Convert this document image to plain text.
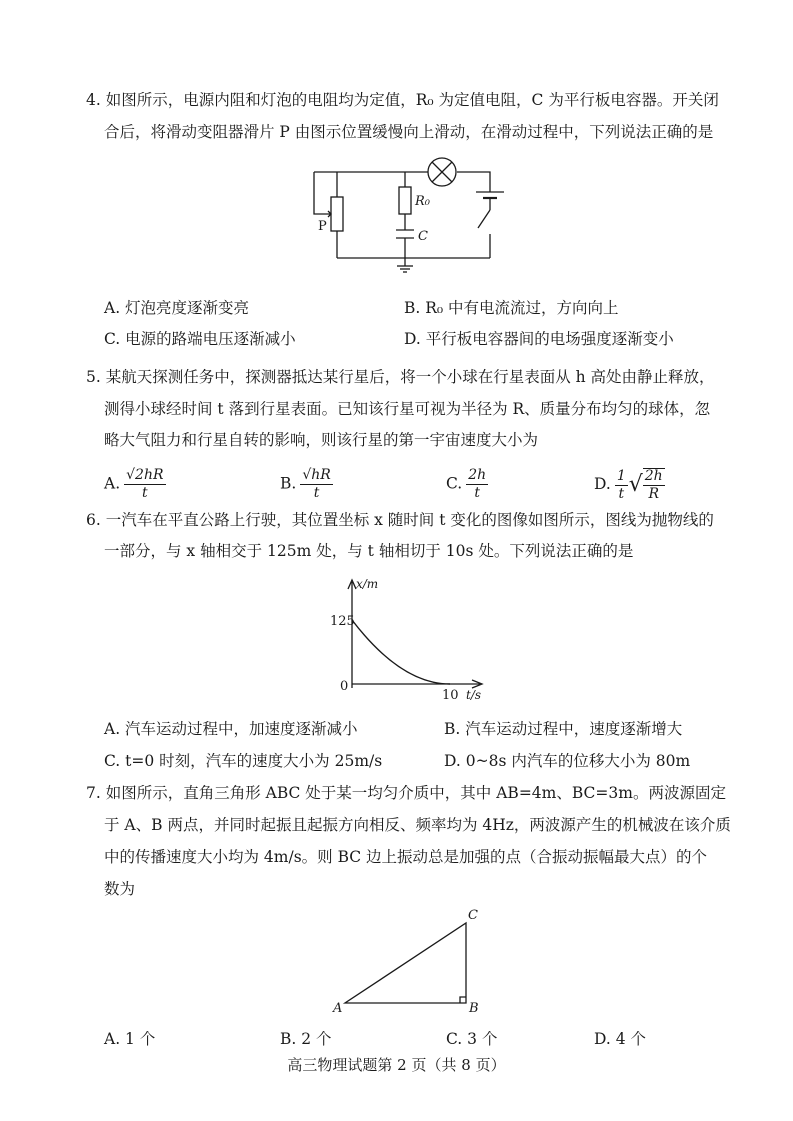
4. 如图所示，电源内阻和灯泡的电阻均为定值，R₀ 为定值电阻，C 为平行板电容器。开关闭
合后，将滑动变阻器滑片 P 由图示位置缓慢向上滑动，在滑动过程中，下列说法正确的是
R₀
C
P
A. 灯泡亮度逐渐变亮	B. R₀ 中有电流流过，方向向上
C. 电源的路端电压逐渐减小	D. 平行板电容器间的电场强度逐渐变小
5. 某航天探测任务中，探测器抵达某行星后，将一个小球在行星表面从 h 高处由静止释放，
测得小球经时间 t 落到行星表面。已知该行星可视为半径为 R、质量分布均匀的球体，忽
略大气阻力和行星自转的影响，则该行星的第一宇宙速度大小为
A. $\frac{√2hR}{t}$	B. $\frac{√hR}{t}$	C. $\frac{2h}{t}$	D. $\frac{1}{t}$ √ $\frac{2h}{R}$
6. 一汽车在平直公路上行驶，其位置坐标 x 随时间 t 变化的图像如图所示，图线为抛物线的
一部分，与 x 轴相交于 125m 处，与 t 轴相切于 10s 处。下列说法正确的是
x/m
125
0
10 t/s
A. 汽车运动过程中，加速度逐渐减小	B. 汽车运动过程中，速度逐渐增大
C. t=0 时刻，汽车的速度大小为 25m/s	D. 0~8s 内汽车的位移大小为 80m
7. 如图所示，直角三角形 ABC 处于某一均匀介质中，其中 AB=4m、BC=3m。两波源固定
于 A、B 两点，并同时起振且起振方向相反、频率均为 4Hz，两波源产生的机械波在该介质
中的传播速度大小均为 4m/s。则 BC 边上振动总是加强的点（合振动振幅最大点）的个
数为
A	B
C
A. 1 个	B. 2 个	C. 3 个	D. 4 个
高三物理试题第 2 页（共 8 页）
